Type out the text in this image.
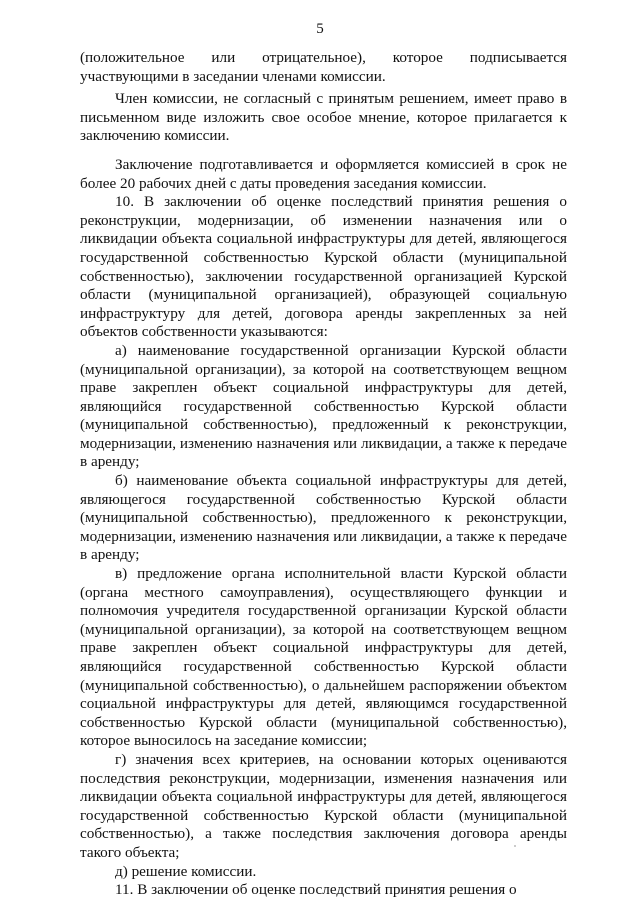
5

(положительное или отрицательное), которое подписывается участвующими в заседании членами комиссии.

Член комиссии, не согласный с принятым решением, имеет право в письменном виде изложить свое особое мнение, которое прилагается к заключению комиссии.

Заключение подготавливается и оформляется комиссией в срок не более 20 рабочих дней с даты проведения заседания комиссии.

10. В заключении об оценке последствий принятия решения о реконструкции, модернизации, об изменении назначения или о ликвидации объекта социальной инфраструктуры для детей, являющегося государственной собственностью Курской области (муниципальной собственностью), заключении государственной организацией Курской области (муниципальной организацией), образующей социальную инфраструктуру для детей, договора аренды закрепленных за ней объектов собственности указываются:

а) наименование государственной организации Курской области (муниципальной организации), за которой на соответствующем вещном праве закреплен объект социальной инфраструктуры для детей, являющийся государственной собственностью Курской области (муниципальной собственностью), предложенный к реконструкции, модернизации, изменению назначения или ликвидации, а также к передаче в аренду;

б) наименование объекта социальной инфраструктуры для детей, являющегося государственной собственностью Курской области (муниципальной собственностью), предложенного к реконструкции, модернизации, изменению назначения или ликвидации, а также к передаче в аренду;

в) предложение органа исполнительной власти Курской области (органа местного самоуправления), осуществляющего функции и полномочия учредителя государственной организации Курской области (муниципальной организации), за которой на соответствующем вещном праве закреплен объект социальной инфраструктуры для детей, являющийся государственной собственностью Курской области (муниципальной собственностью), о дальнейшем распоряжении объектом социальной инфраструктуры для детей, являющимся государственной собственностью Курской области (муниципальной собственностью), которое выносилось на заседание комиссии;

г) значения всех критериев, на основании которых оцениваются последствия реконструкции, модернизации, изменения назначения или ликвидации объекта социальной инфраструктуры для детей, являющегося государственной собственностью Курской области (муниципальной собственностью), а также последствия заключения договора аренды такого объекта;

д) решение комиссии.

11. В заключении об оценке последствий принятия решения о
